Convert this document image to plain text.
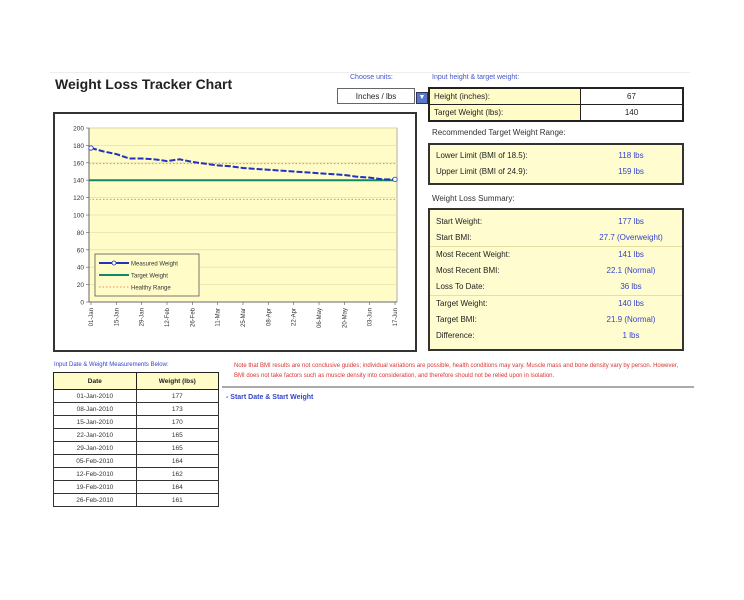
Weight Loss Tracker Chart	Choose units:
Inches / lbs	▼
Input height & target weight:
Height (inches):	67
Target Weight (lbs):	140
Recommended Target Weight Range:
Lower Limit (BMI of 18.5):	118 lbs
Upper Limit (BMI of 24.9):	159 lbs
Weight Loss Summary:
Start Weight:	177 lbs
Start BMI:	27.7 (Overweight)
Most Recent Weight:	141 lbs
Most Recent BMI:	22.1 (Normal)
Loss To Date:	36 lbs
Target Weight:	140 lbs
Target BMI:	21.9 (Normal)
Difference:	1 lbs
0
20
40
60
80
100
120
140
160
180
200
01-Jan	15-Jan	29-Jan	12-Feb	26-Feb	11-Mar	25-Mar	08-Apr	22-Apr	06-May	20-May	03-Jun	17-Jun
Measured Weight
Target Weight
Healthy Range
Input Date & Weight Measurements Below:	Note that BMI results are not conclusive guides; individual variations are possible, health conditions may vary. Muscle mass and bone density vary by person. However,
BMI does not take factors such as muscle density into consideration, and therefore should not be relied upon in isolation.
- Start Date & Start Weight
Date	Weight (lbs)
01-Jan-2010	177
08-Jan-2010	173
15-Jan-2010	170
22-Jan-2010	165
29-Jan-2010	165
05-Feb-2010	164
12-Feb-2010	162
19-Feb-2010	164
26-Feb-2010	161
